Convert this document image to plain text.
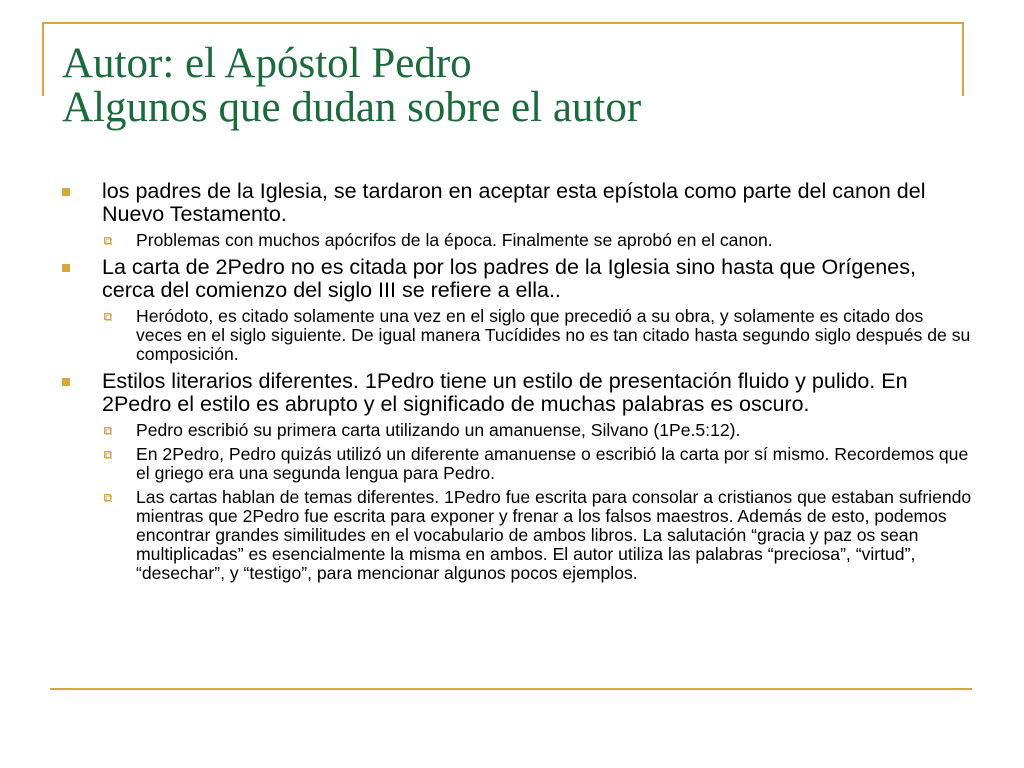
Autor: el Apóstol Pedro
Algunos que dudan sobre el autor
los padres de la Iglesia, se tardaron en aceptar esta epístola como parte del canon del Nuevo Testamento.
Problemas con muchos apócrifos de la época. Finalmente se aprobó en el canon.
La carta de 2Pedro no es citada por los padres de la Iglesia sino hasta que Orígenes, cerca del comienzo del siglo III se refiere a ella..
Heródoto, es citado solamente una vez en el siglo que precedió a su obra, y solamente es citado dos veces en el siglo siguiente. De igual manera Tucídides no es tan citado hasta segundo siglo después de su composición.
Estilos literarios diferentes. 1Pedro tiene un estilo de presentación fluido y pulido. En 2Pedro el estilo es abrupto y el significado de muchas palabras es oscuro.
Pedro escribió su primera carta utilizando un amanuense, Silvano (1Pe.5:12).
En 2Pedro, Pedro quizás utilizó un diferente amanuense o escribió la carta por sí mismo. Recordemos que el griego era una segunda lengua para Pedro.
Las cartas hablan de temas diferentes. 1Pedro fue escrita para consolar a cristianos que estaban sufriendo mientras que 2Pedro fue escrita para exponer y frenar a los falsos maestros. Además de esto, podemos encontrar grandes similitudes en el vocabulario de ambos libros. La salutación “gracia y paz os sean multiplicadas” es esencialmente la misma en ambos. El autor utiliza las palabras “preciosa”, “virtud”, “desechar”, y “testigo”, para mencionar algunos pocos ejemplos.
